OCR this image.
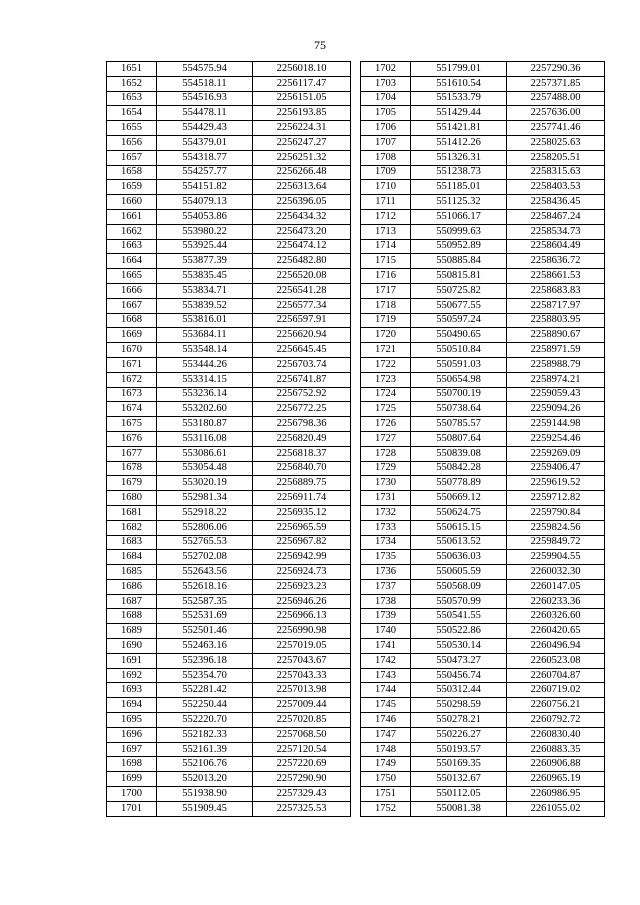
75
1651	554575.94	2256018.10
1652	554518.11	2256117.47
1653	554516.93	2256151.05
1654	554478.11	2256193.85
1655	554429.43	2256224.31
1656	554379.01	2256247.27
1657	554318.77	2256251.32
1658	554257.77	2256266.48
1659	554151.82	2256313.64
1660	554079.13	2256396.05
1661	554053.86	2256434.32
1662	553980.22	2256473.20
1663	553925.44	2256474.12
1664	553877.39	2256482.80
1665	553835.45	2256520.08
1666	553834.71	2256541.28
1667	553839.52	2256577.34
1668	553816.01	2256597.91
1669	553684.11	2256620.94
1670	553548.14	2256645.45
1671	553444.26	2256703.74
1672	553314.15	2256741.87
1673	553236.14	2256752.92
1674	553202.60	2256772.25
1675	553180.87	2256798.36
1676	553116.08	2256820.49
1677	553086.61	2256818.37
1678	553054.48	2256840.70
1679	553020.19	2256889.75
1680	552981.34	2256911.74
1681	552918.22	2256935.12
1682	552806.06	2256965.59
1683	552765.53	2256967.82
1684	552702.08	2256942.99
1685	552643.56	2256924.73
1686	552618.16	2256923.23
1687	552587.35	2256946.26
1688	552531.69	2256966.13
1689	552501.46	2256990.98
1690	552463.16	2257019.05
1691	552396.18	2257043.67
1692	552354.70	2257043.33
1693	552281.42	2257013.98
1694	552250.44	2257009.44
1695	552220.70	2257020.85
1696	552182.33	2257068.50
1697	552161.39	2257120.54
1698	552106.76	2257220.69
1699	552013.20	2257290.90
1700	551938.90	2257329.43
1701	551909.45	2257325.53
1702	551799.01	2257290.36
1703	551610.54	2257371.85
1704	551533.79	2257488.00
1705	551429.44	2257636.00
1706	551421.81	2257741.46
1707	551412.26	2258025.63
1708	551326.31	2258205.51
1709	551238.73	2258315.63
1710	551185.01	2258403.53
1711	551125.32	2258436.45
1712	551066.17	2258467.24
1713	550999.63	2258534.73
1714	550952.89	2258604.49
1715	550885.84	2258636.72
1716	550815.81	2258661.53
1717	550725.82	2258683.83
1718	550677.55	2258717.97
1719	550597.24	2258803.95
1720	550490.65	2258890.67
1721	550510.84	2258971.59
1722	550591.03	2258988.79
1723	550654.98	2258974.21
1724	550700.19	2259059.43
1725	550738.64	2259094.26
1726	550785.57	2259144.98
1727	550807.64	2259254.46
1728	550839.08	2259269.09
1729	550842.28	2259406.47
1730	550778.89	2259619.52
1731	550669.12	2259712.82
1732	550624.75	2259790.84
1733	550615.15	2259824.56
1734	550613.52	2259849.72
1735	550636.03	2259904.55
1736	550605.59	2260032.30
1737	550568.09	2260147.05
1738	550570.99	2260233.36
1739	550541.55	2260326.60
1740	550522.86	2260420.65
1741	550530.14	2260496.94
1742	550473.27	2260523.08
1743	550456.74	2260704.87
1744	550312.44	2260719.02
1745	550298.59	2260756.21
1746	550278.21	2260792.72
1747	550226.27	2260830.40
1748	550193.57	2260883.35
1749	550169.35	2260906.88
1750	550132.67	2260965.19
1751	550112.05	2260986.95
1752	550081.38	2261055.02
